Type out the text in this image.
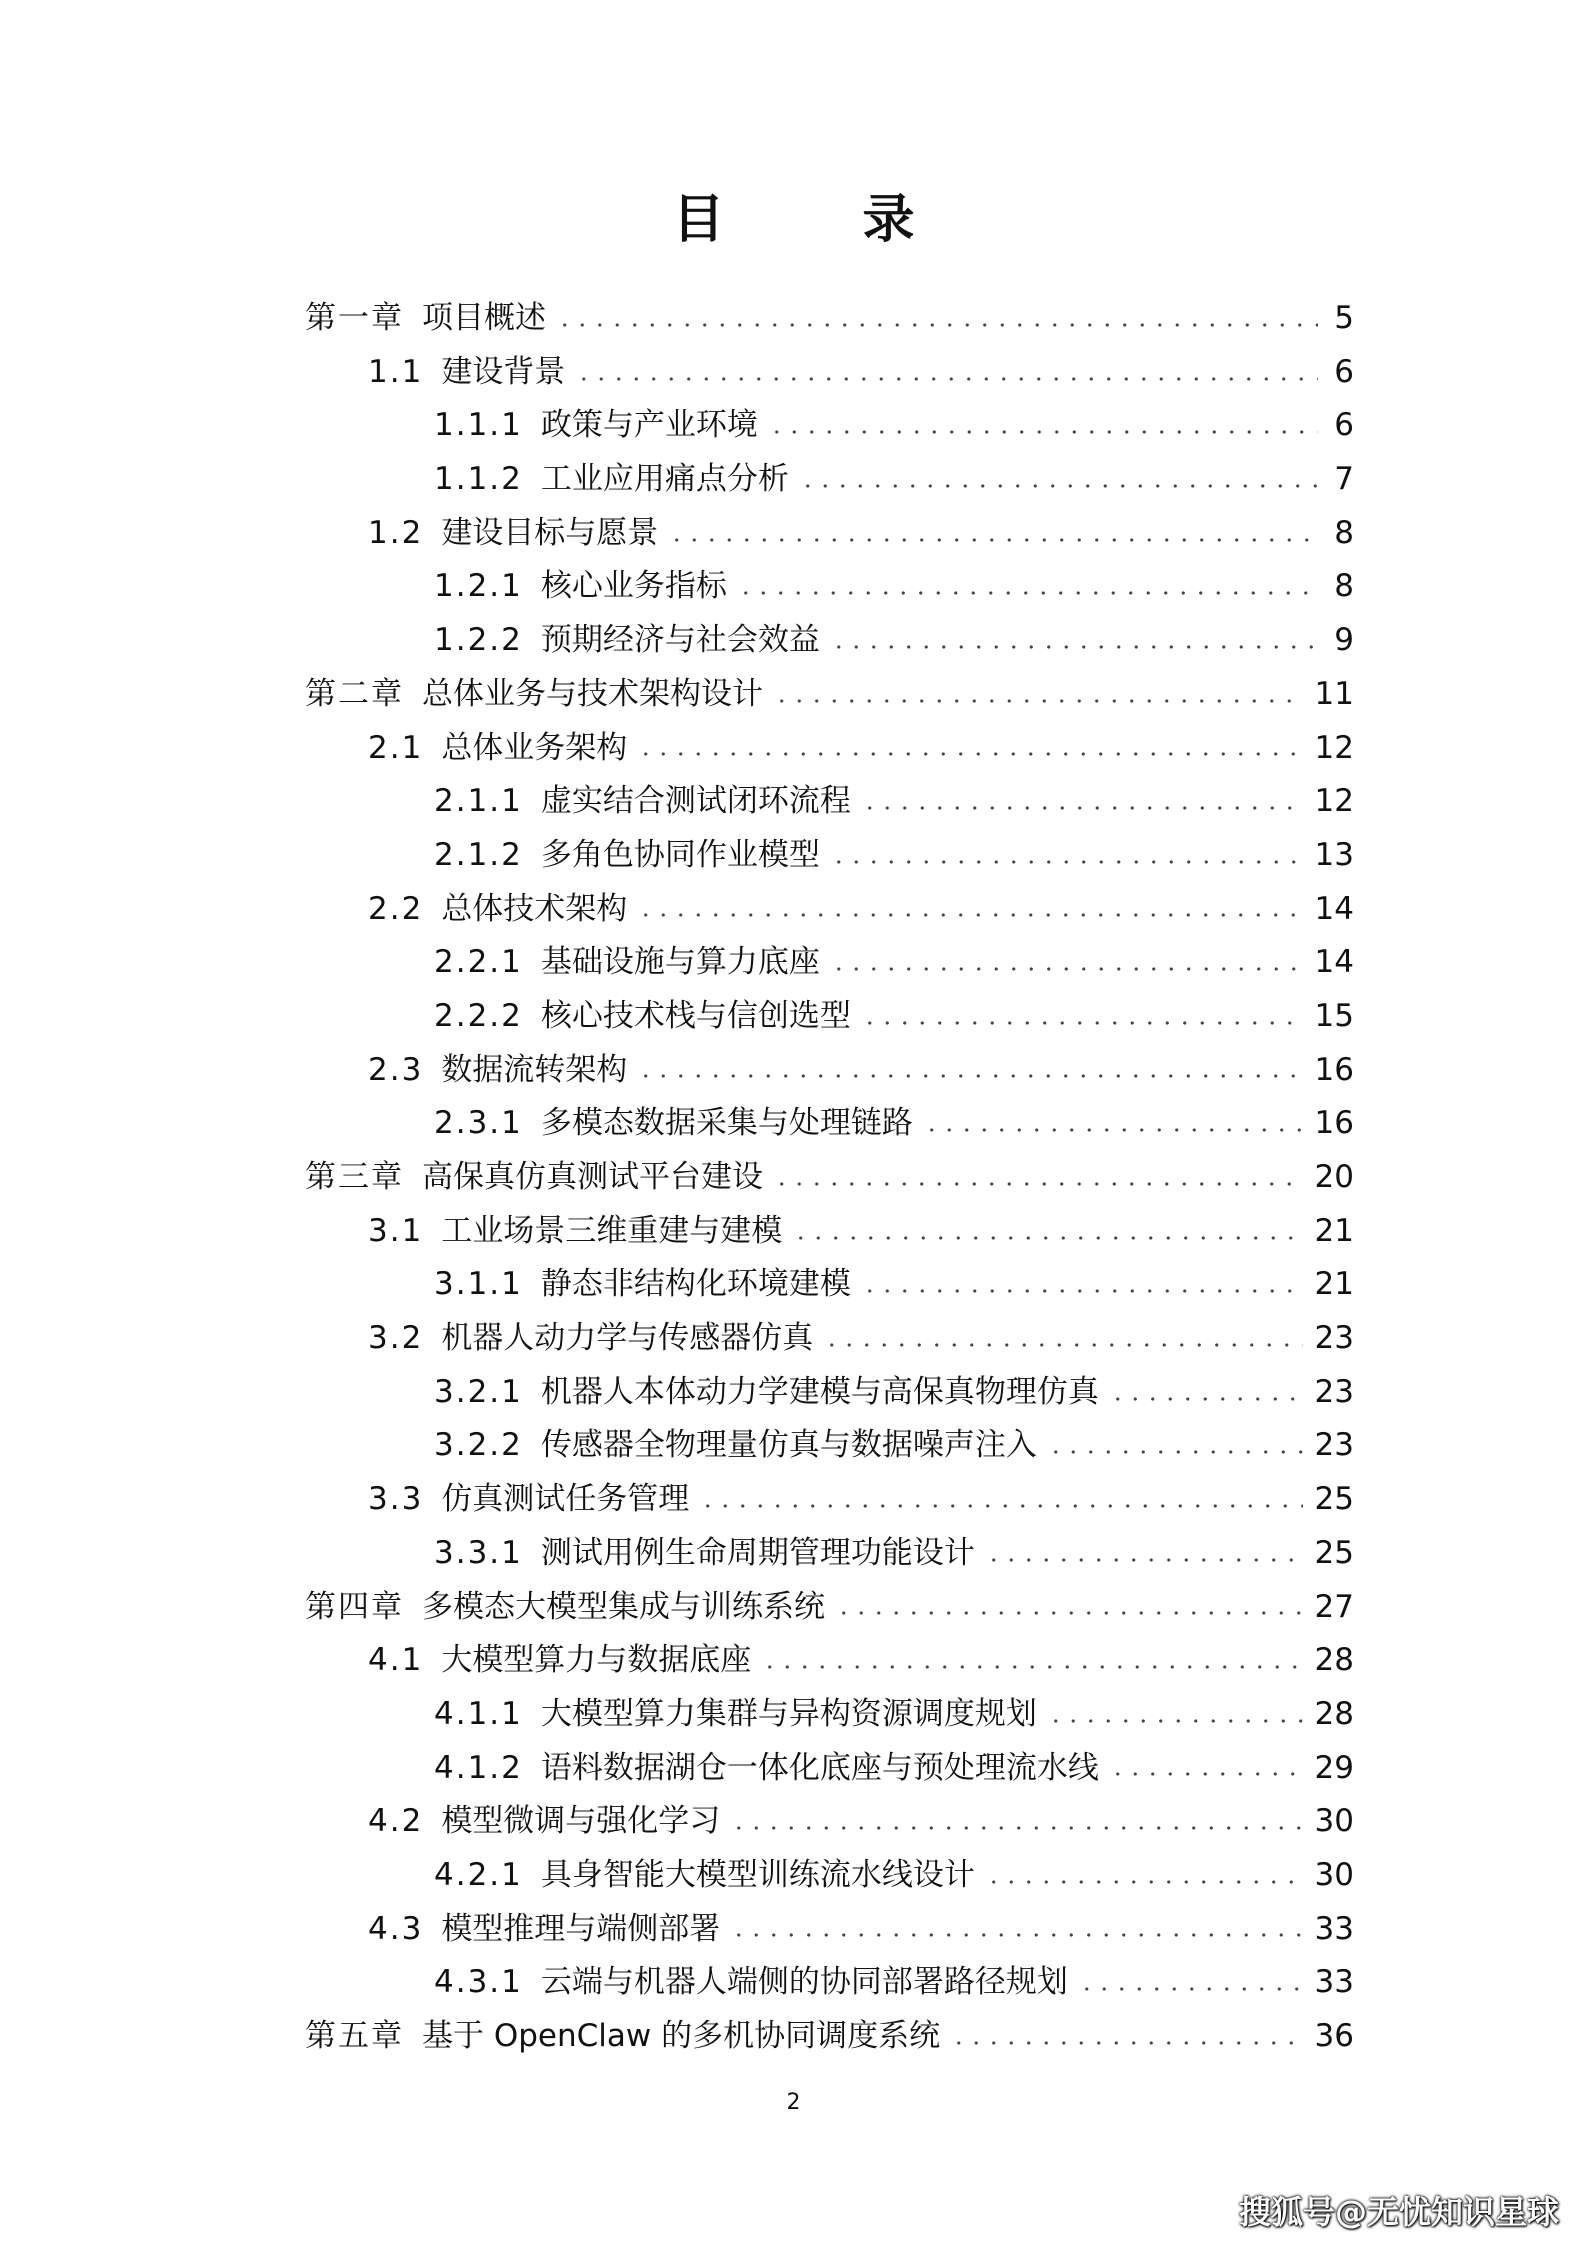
目 录
第一章 项目概述	5
1.1 建设背景	6
1.1.1 政策与产业环境	6
1.1.2 工业应用痛点分析	7
1.2 建设目标与愿景	8
1.2.1 核心业务指标	8
1.2.2 预期经济与社会效益	9
第二章 总体业务与技术架构设计	11
2.1 总体业务架构	12
2.1.1 虚实结合测试闭环流程	12
2.1.2 多角色协同作业模型	13
2.2 总体技术架构	14
2.2.1 基础设施与算力底座	14
2.2.2 核心技术栈与信创选型	15
2.3 数据流转架构	16
2.3.1 多模态数据采集与处理链路	16
第三章 高保真仿真测试平台建设	20
3.1 工业场景三维重建与建模	21
3.1.1 静态非结构化环境建模	21
3.2 机器人动力学与传感器仿真	23
3.2.1 机器人本体动力学建模与高保真物理仿真	23
3.2.2 传感器全物理量仿真与数据噪声注入	23
3.3 仿真测试任务管理	25
3.3.1 测试用例生命周期管理功能设计	25
第四章 多模态大模型集成与训练系统	27
4.1 大模型算力与数据底座	28
4.1.1 大模型算力集群与异构资源调度规划	28
4.1.2 语料数据湖仓一体化底座与预处理流水线	29
4.2 模型微调与强化学习	30
4.2.1 具身智能大模型训练流水线设计	30
4.3 模型推理与端侧部署	33
4.3.1 云端与机器人端侧的协同部署路径规划	33
第五章 基于 OpenClaw 的多机协同调度系统	36
2
搜狐号@无忧知识星球
